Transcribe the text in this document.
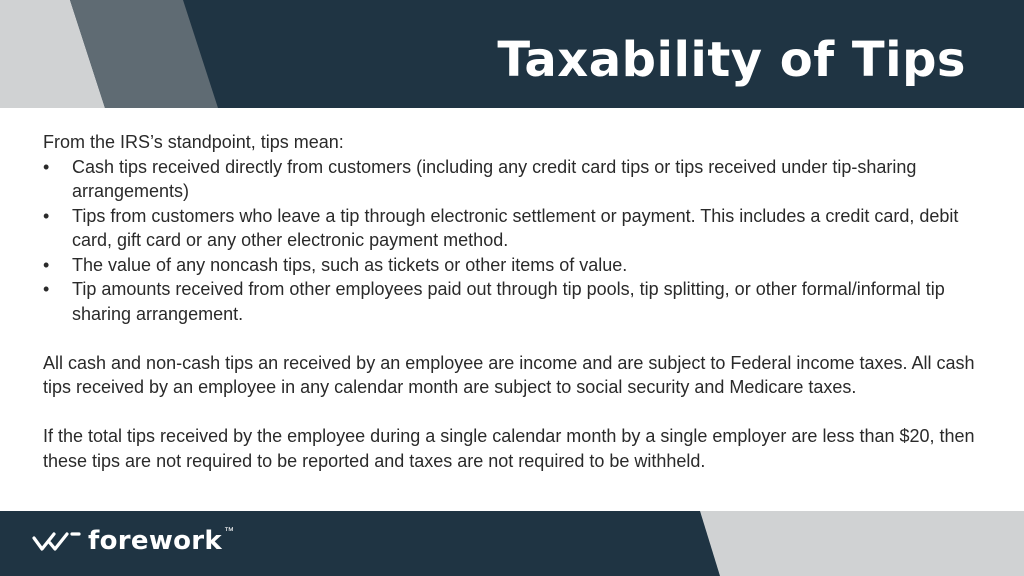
Taxability of Tips

From the IRS’s standpoint, tips mean:

• Cash tips received directly from customers (including any credit card tips or tips received under tip-sharing arrangements)
• Tips from customers who leave a tip through electronic settlement or payment. This includes a credit card, debit card, gift card or any other electronic payment method.
• The value of any noncash tips, such as tickets or other items of value.
• Tip amounts received from other employees paid out through tip pools, tip splitting, or other formal/informal tip sharing arrangement.

All cash and non-cash tips an received by an employee are income and are subject to Federal income taxes. All cash tips received by an employee in any calendar month are subject to social security and Medicare taxes.

If the total tips received by the employee during a single calendar month by a single employer are less than $20, then these tips are not required to be reported and taxes are not required to be withheld.

forework ™
